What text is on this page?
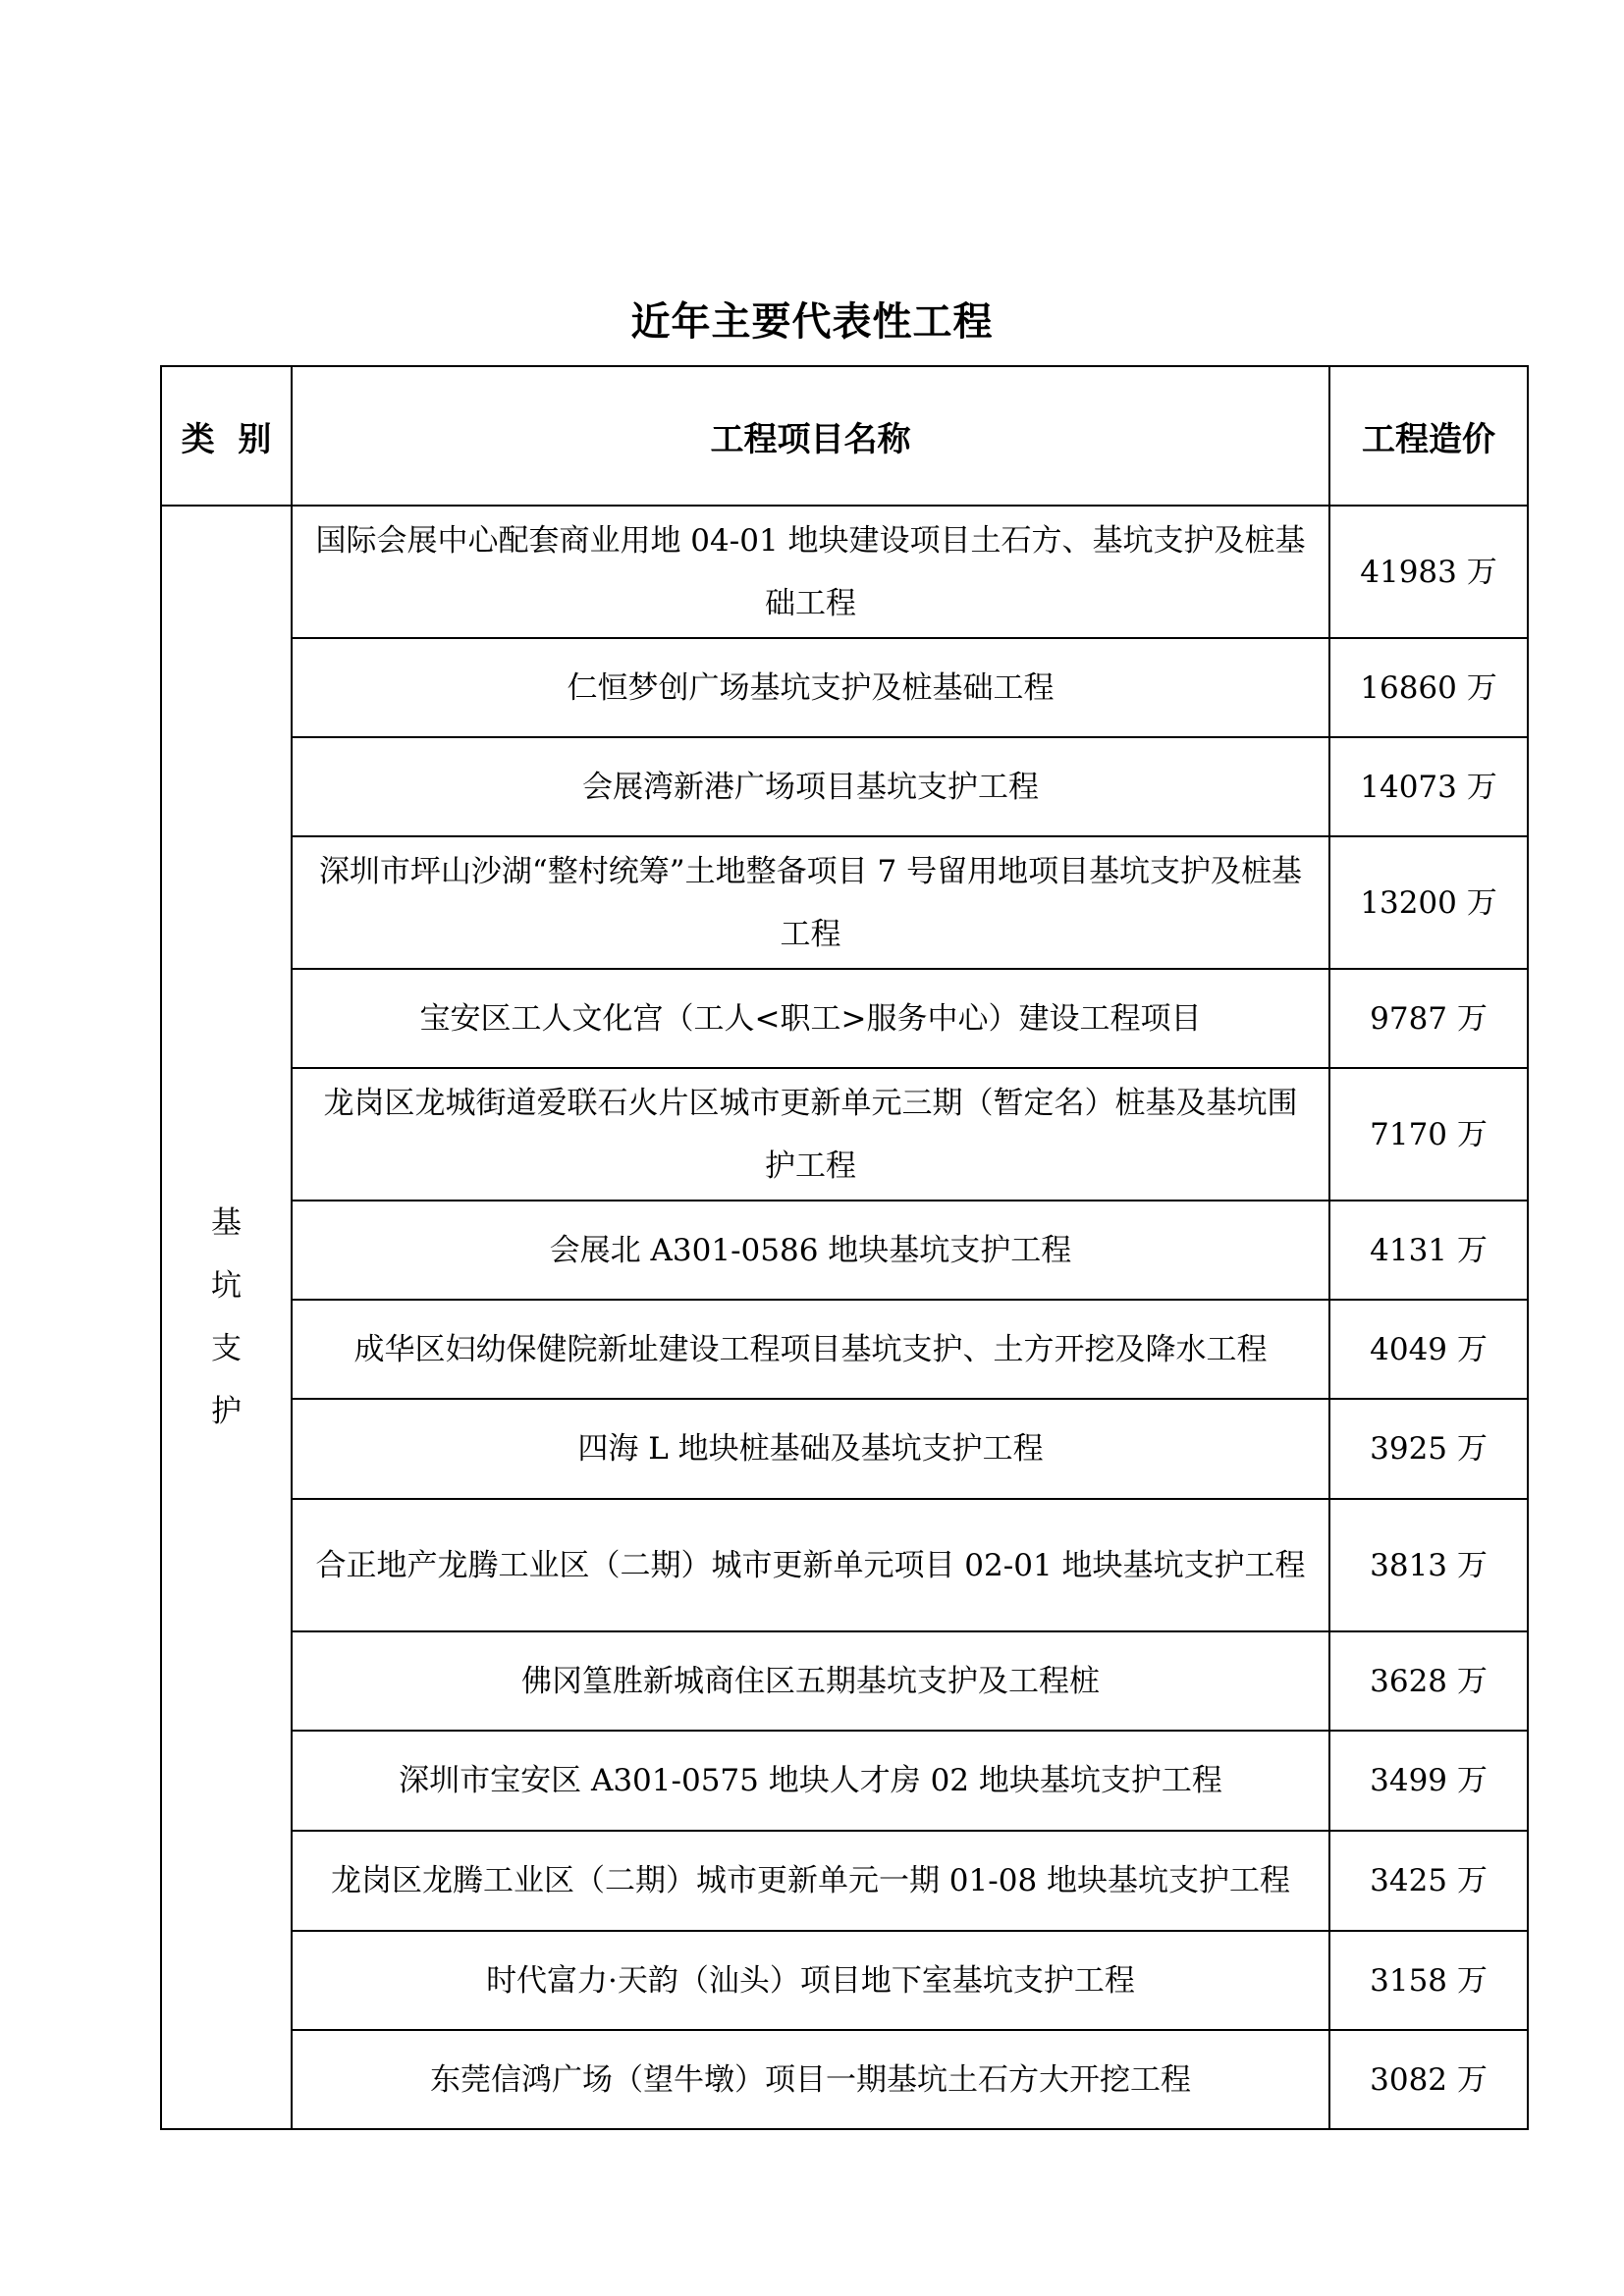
近年主要代表性工程
类  别	工程项目名称	工程造价

基
坑
支
护	国际会展中心配套商业用地 04-01 地块建设项目土石方、基坑支护及桩基础工程	41983 万
	仁恒梦创广场基坑支护及桩基础工程	16860 万
	会展湾新港广场项目基坑支护工程	14073 万
	深圳市坪山沙湖“整村统筹”土地整备项目 7 号留用地项目基坑支护及桩基工程	13200 万
	宝安区工人文化宫（工人<职工>服务中心）建设工程项目	9787 万
	龙岗区龙城街道爱联石火片区城市更新单元三期（暂定名）桩基及基坑围护工程	7170 万
	会展北 A301-0586 地块基坑支护工程	4131 万
	成华区妇幼保健院新址建设工程项目基坑支护、土方开挖及降水工程	4049 万
	四海 L 地块桩基础及基坑支护工程	3925 万
	合正地产龙腾工业区（二期）城市更新单元项目 02-01 地块基坑支护工程	3813 万
	佛冈篁胜新城商住区五期基坑支护及工程桩	3628 万
	深圳市宝安区 A301-0575 地块人才房 02 地块基坑支护工程	3499 万
	龙岗区龙腾工业区（二期）城市更新单元一期 01-08 地块基坑支护工程	3425 万
	时代富力·天韵（汕头）项目地下室基坑支护工程	3158 万
	东莞信鸿广场（望牛墩）项目一期基坑土石方大开挖工程	3082 万
